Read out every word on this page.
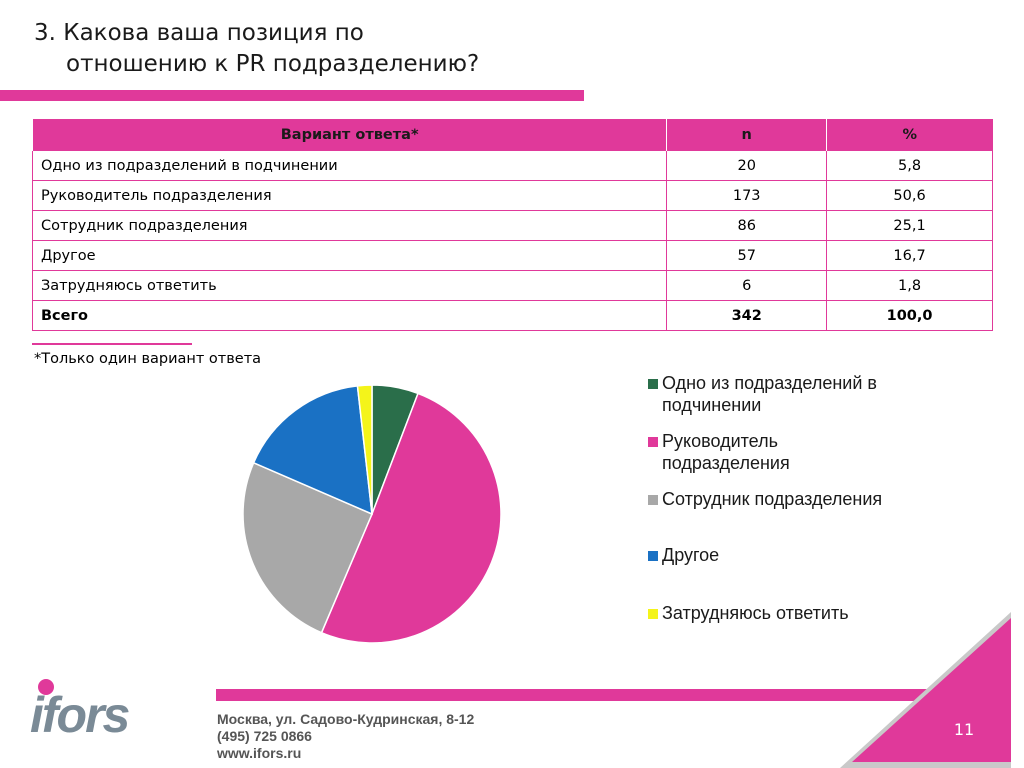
3. Какова ваша позиция по
отношению к PR подразделению?
Вариант ответа*	n	%
Одно из подразделений в подчинении	20	5,8
Руководитель подразделения	173	50,6
Сотрудник подразделения	86	25,1
Другое	57	16,7
Затрудняюсь ответить	6	1,8
Всего	342	100,0
*Только один вариант ответа
Одно из подразделений в
подчинении
Руководитель
подразделения
Сотрудник подразделения
Другое
Затрудняюсь ответить
ifors	Москва, ул. Садово-Кудринская, 8-12
(495) 725 0866
www.ifors.ru
11
